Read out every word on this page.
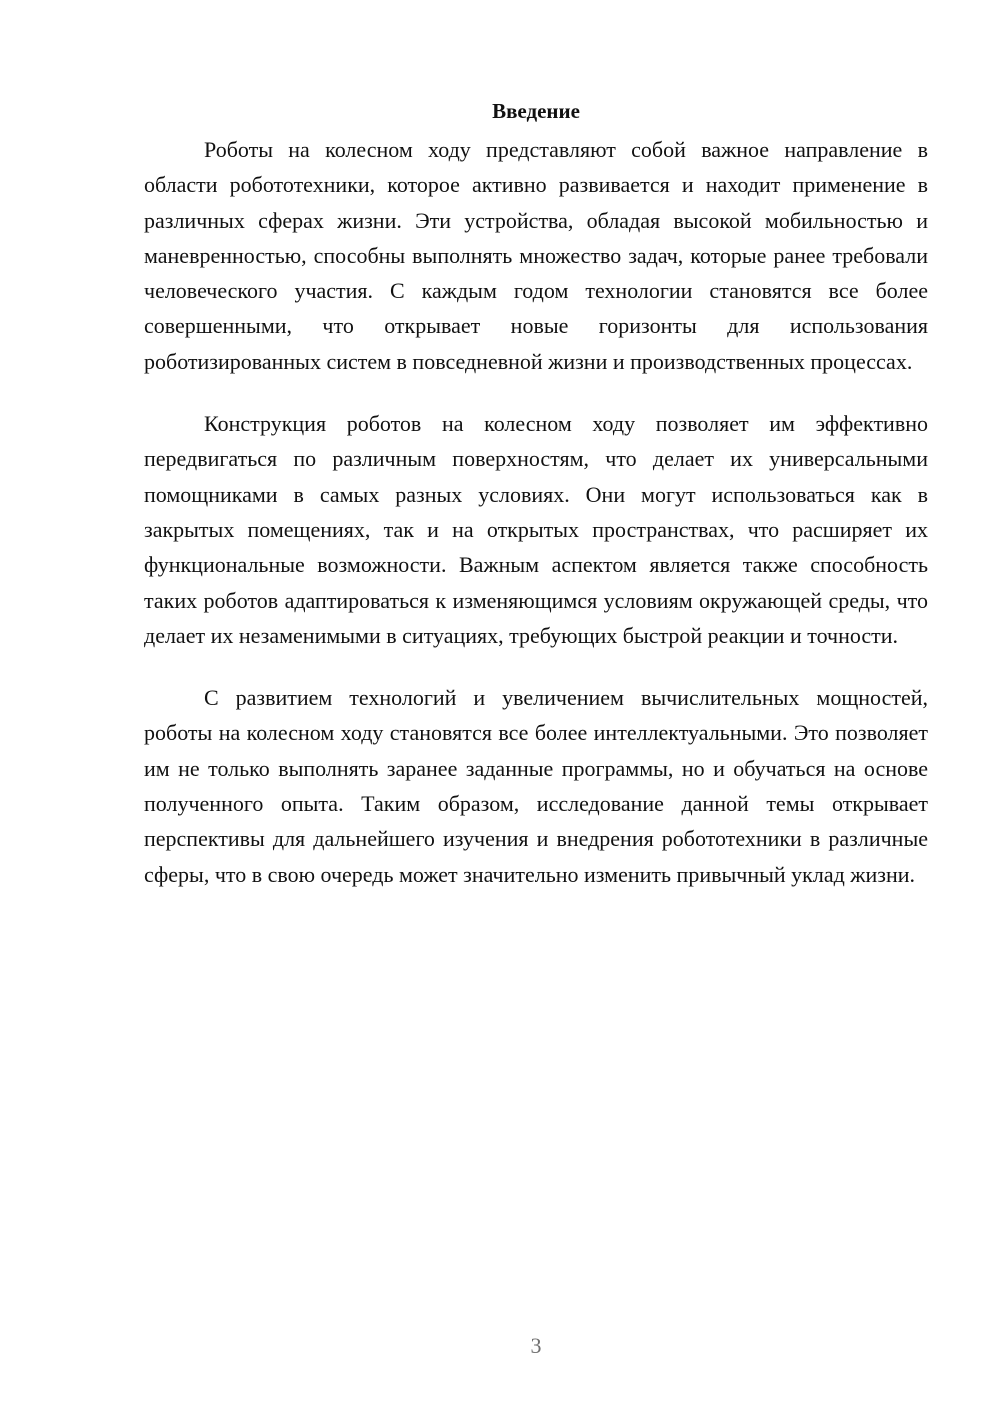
Введение

Роботы на колесном ходу представляют собой важное направление в области робототехники, которое активно развивается и находит применение в различных сферах жизни. Эти устройства, обладая высокой мобильностью и маневренностью, способны выполнять множество задач, которые ранее требовали человеческого участия. С каждым годом технологии становятся все более совершенными, что открывает новые горизонты для использования роботизированных систем в повседневной жизни и производственных процессах.

Конструкция роботов на колесном ходу позволяет им эффективно передвигаться по различным поверхностям, что делает их универсальными помощниками в самых разных условиях. Они могут использоваться как в закрытых помещениях, так и на открытых пространствах, что расширяет их функциональные возможности. Важным аспектом является также способность таких роботов адаптироваться к изменяющимся условиям окружающей среды, что делает их незаменимыми в ситуациях, требующих быстрой реакции и точности.

С развитием технологий и увеличением вычислительных мощностей, роботы на колесном ходу становятся все более интеллектуальными. Это позволяет им не только выполнять заранее заданные программы, но и обучаться на основе полученного опыта. Таким образом, исследование данной темы открывает перспективы для дальнейшего изучения и внедрения робототехники в различные сферы, что в свою очередь может значительно изменить привычный уклад жизни.

3
